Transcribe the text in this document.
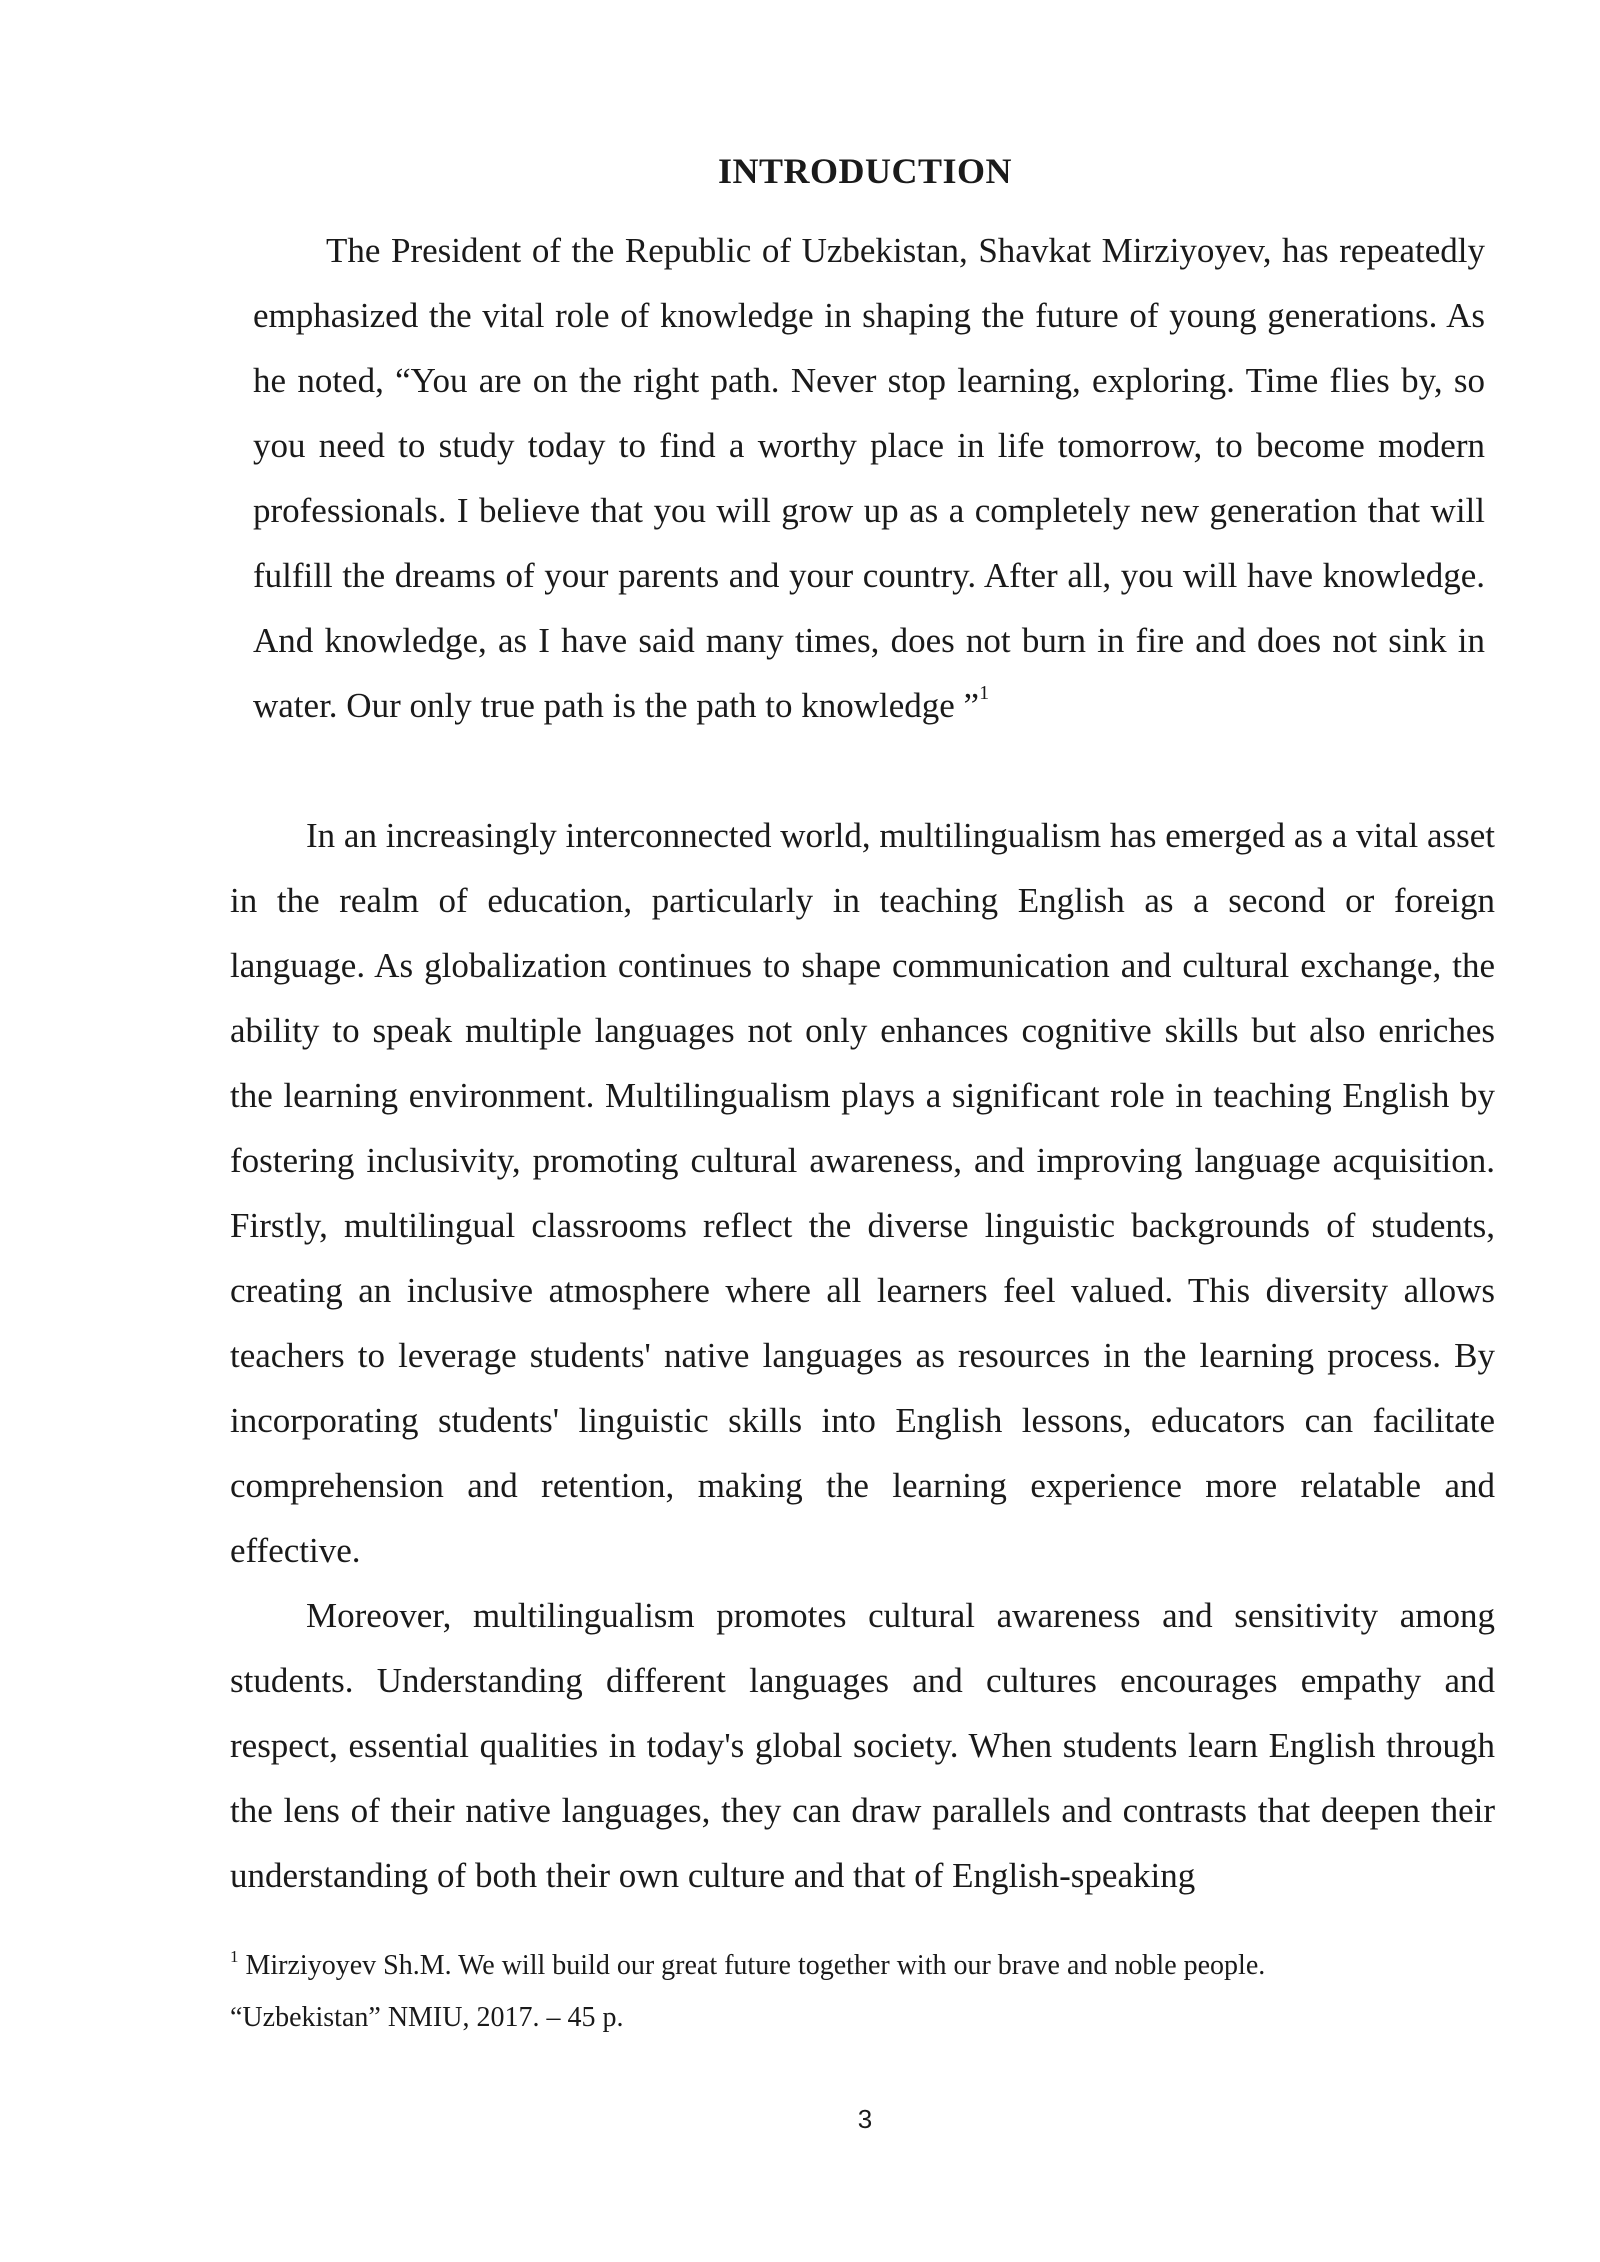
INTRODUCTION
The President of the Republic of Uzbekistan, Shavkat Mirziyoyev, has repeatedly emphasized the vital role of knowledge in shaping the future of young generations. As he noted, “You are on the right path. Never stop learning, exploring. Time flies by, so you need to study today to find a worthy place in life tomorrow, to become modern professionals. I believe that you will grow up as a completely new generation that will fulfill the dreams of your parents and your country. After all, you will have knowledge. And knowledge, as I have said many times, does not burn in fire and does not sink in water. Our only true path is the path to knowledge ”$^1$

In an increasingly interconnected world, multilingualism has emerged as a vital asset in the realm of education, particularly in teaching English as a second or foreign language. As globalization continues to shape communication and cultural exchange, the ability to speak multiple languages not only enhances cognitive skills but also enriches the learning environment. Multilingualism plays a significant role in teaching English by fostering inclusivity, promoting cultural awareness, and improving language acquisition. Firstly, multilingual classrooms reflect the diverse linguistic backgrounds of students, creating an inclusive atmosphere where all learners feel valued. This diversity allows teachers to leverage students' native languages as resources in the learning process. By incorporating students' linguistic skills into English lessons, educators can facilitate comprehension and retention, making the learning experience more relatable and effective.

Moreover, multilingualism promotes cultural awareness and sensitivity among students. Understanding different languages and cultures encourages empathy and respect, essential qualities in today's global society. When students learn English through the lens of their native languages, they can draw parallels and contrasts that deepen their understanding of both their own culture and that of English-speaking

$^1$ Mirziyoyev Sh.M. We will build our great future together with our brave and noble people.
“Uzbekistan” NMIU, 2017. – 45 p.
3
